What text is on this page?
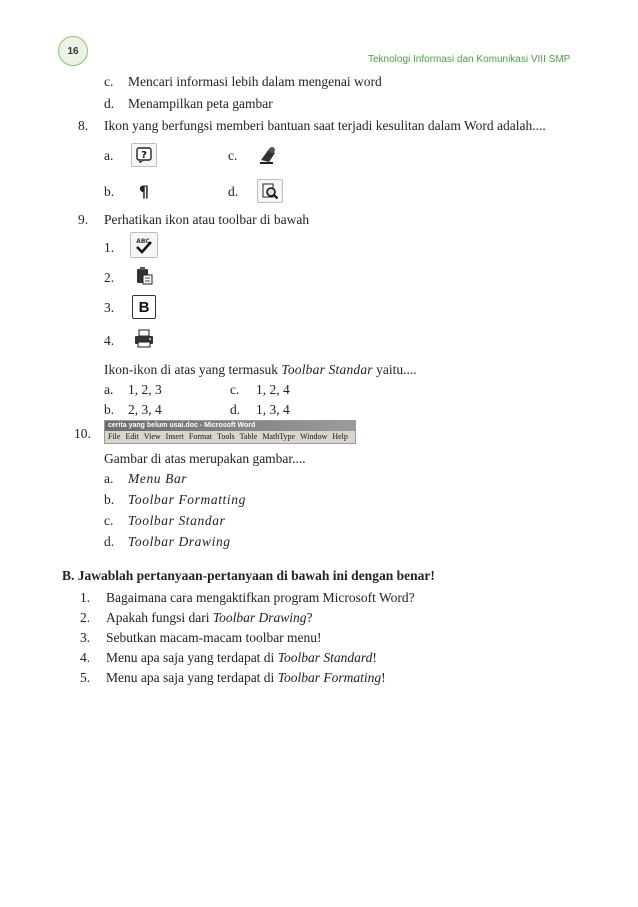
16
Teknologi Informasi dan Komunikasi VIII SMP
c. Mencari informasi lebih dalam mengenai word
d. Menampilkan peta gambar
8. Ikon yang berfungsi memberi bantuan saat terjadi kesulitan dalam Word adalah....
a.	?	c.
b. ¶	d.
9. Perhatikan ikon atau toolbar di bawah
1.	ABC
2.
3. B
4.
Ikon-ikon di atas yang termasuk Toolbar Standar yaitu....
a. 1, 2, 3	c. 1, 2, 4
b. 2, 3, 4	d. 1, 3, 4
10.
cerita yang belum usai.doc - Microsoft Word
File Edit View Insert Format Tools Table MathType Window Help
Gambar di atas merupakan gambar....
a. Menu Bar
b. Toolbar Formatting
c. Toolbar Standar
d. Toolbar Drawing
B. Jawablah pertanyaan-pertanyaan di bawah ini dengan benar!
1. Bagaimana cara mengaktifkan program Microsoft Word?
2. Apakah fungsi dari Toolbar Drawing?
3. Sebutkan macam-macam toolbar menu!
4. Menu apa saja yang terdapat di Toolbar Standard!
5. Menu apa saja yang terdapat di Toolbar Formating!
